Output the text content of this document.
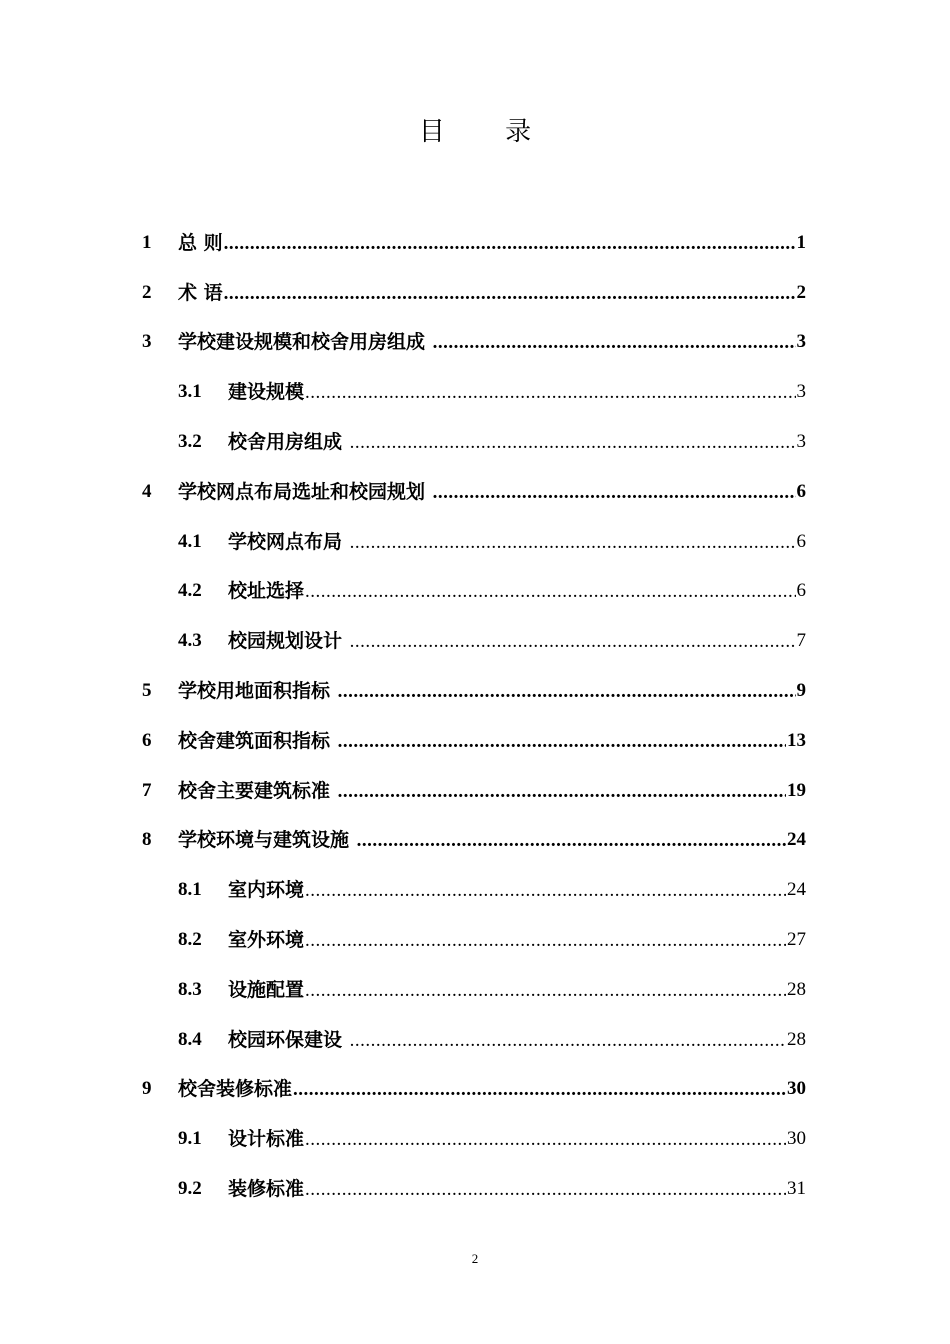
目 录
1	总 则 .....	1
2	术 语 .....	2
3	学校建设规模和校舍用房组成 .....	3
3.1	建设规模 .....	3
3.2	校舍用房组成 .....	3
4	学校网点布局选址和校园规划 .....	6
4.1	学校网点布局 .....	6
4.2	校址选择 .....	6
4.3	校园规划设计 .....	7
5	学校用地面积指标 .....	9
6	校舍建筑面积指标 .....	13
7	校舍主要建筑标准 .....	19
8	学校环境与建筑设施 .....	24
8.1	室内环境 .....	24
8.2	室外环境 .....	27
8.3	设施配置 .....	28
8.4	校园环保建设 .....	28
9	校舍装修标准 .....	30
9.1	设计标准 .....	30
9.2	装修标准 .....	31
2
